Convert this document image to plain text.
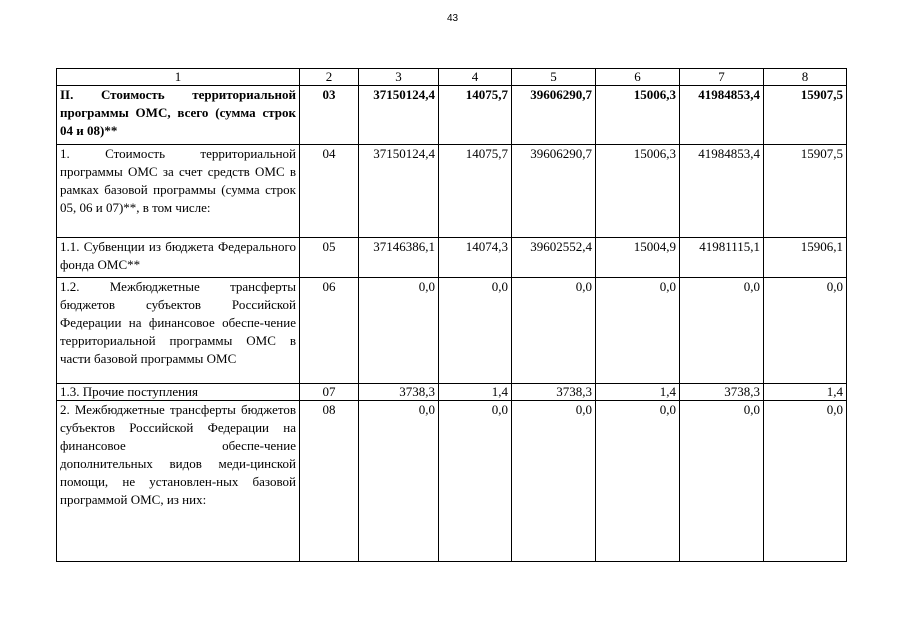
43
1	2	3	4	5	6	7	8
II. Стоимость территориальной программы ОМС, всего (сумма строк 04 и 08)**	03	37150124,4	14075,7	39606290,7	15006,3	41984853,4	15907,5
1. Стоимость территориальной программы ОМС за счет средств ОМС в рамках базовой программы (сумма строк 05, 06 и 07)**, в том числе:	04	37150124,4	14075,7	39606290,7	15006,3	41984853,4	15907,5
1.1. Субвенции из бюджета Федерального фонда ОМС**	05	37146386,1	14074,3	39602552,4	15004,9	41981115,1	15906,1
1.2. Межбюджетные трансферты бюджетов субъектов Российской Федерации на финансовое обеспе-чение территориальной программы ОМС в части базовой программы ОМС	06	0,0	0,0	0,0	0,0	0,0	0,0
1.3. Прочие поступления	07	3738,3	1,4	3738,3	1,4	3738,3	1,4
2. Межбюджетные трансферты бюджетов субъектов Российской Федерации на финансовое обеспе-чение дополнительных видов меди-цинской помощи, не установлен-ных базовой программой ОМС, из них:	08	0,0	0,0	0,0	0,0	0,0	0,0
